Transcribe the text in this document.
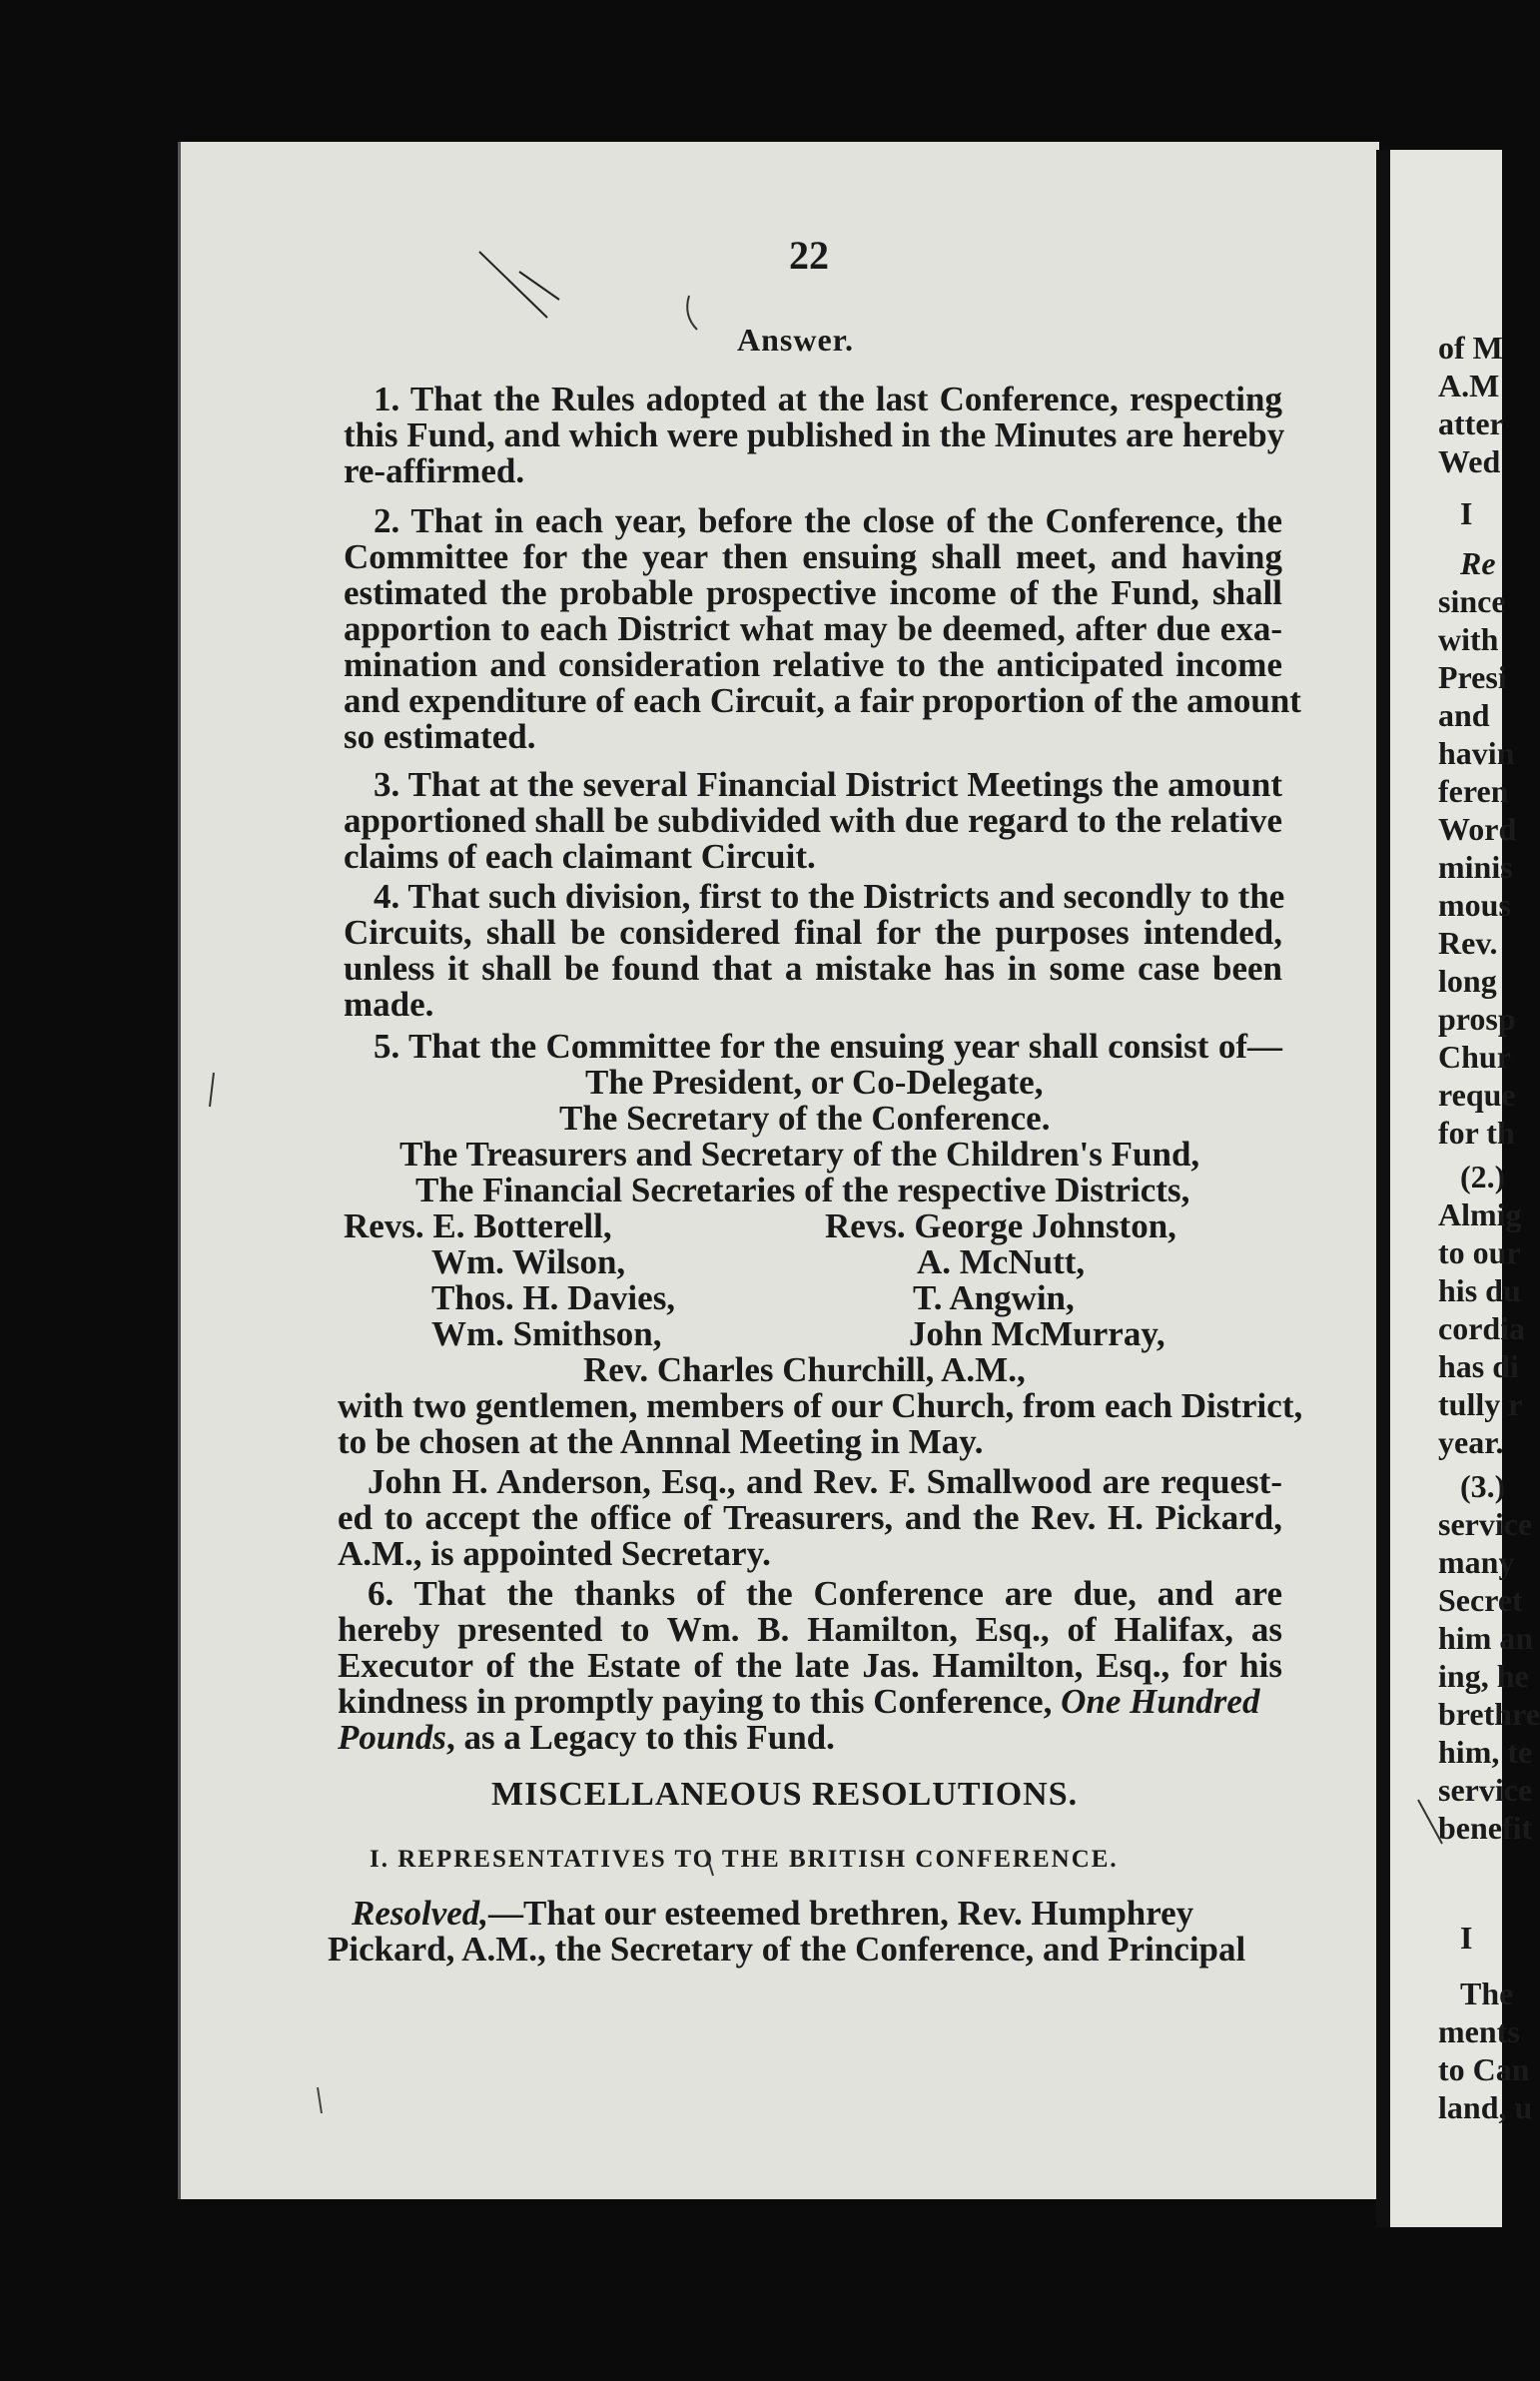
of M

A.M

atter

Wed

I

Re

since

with

Presi

and

havin

feren

Word

minis

mous

Rev.

long

prosp

Chur

reque

for th

(2.)

Almig

to our

his du

cordia

has di

tully r

year.

(3.)

service

many

Secret

him an

ing, he

brethre

him, te

service

benefit

I

The

ments

to Can

land, u

22

Answer.

1. That the Rules adopted at the last Conference, respecting

this Fund, and which were published in the Minutes are hereby

re-affirmed.

2. That in each year, before the close of the Conference, the

Committee for the year then ensuing shall meet, and having

estimated the probable prospective income of the Fund, shall

apportion to each District what may be deemed, after due exa-

mination and consideration relative to the anticipated income

and expenditure of each Circuit, a fair proportion of the amount

so estimated.

3. That at the several Financial District Meetings the amount

apportioned shall be subdivided with due regard to the relative

claims of each claimant Circuit.

4. That such division, first to the Districts and secondly to the

Circuits, shall be considered final for the purposes intended,

unless it shall be found that a mistake has in some case been

made.

5. That the Committee for the ensuing year shall consist of—

The President, or Co-Delegate,

The Secretary of the Conference.

The Treasurers and Secretary of the Children's Fund,

The Financial Secretaries of the respective Districts,

Revs. E. Botterell,	Revs. George Johnston,

Wm. Wilson,	A. McNutt,

Thos. H. Davies,	T. Angwin,

Wm. Smithson,	John McMurray,

Rev. Charles Churchill, A.M.,

with two gentlemen, members of our Church, from each District,

to be chosen at the Annnal Meeting in May.

John H. Anderson, Esq., and Rev. F. Smallwood are request-

ed to accept the office of Treasurers, and the Rev. H. Pickard,

A.M., is appointed Secretary.

6. That the thanks of the Conference are due, and are

hereby presented to Wm. B. Hamilton, Esq., of Halifax, as

Executor of the Estate of the late Jas. Hamilton, Esq., for his

kindness in promptly paying to this Conference, One Hundred

Pounds, as a Legacy to this Fund.

MISCELLANEOUS RESOLUTIONS.

I. REPRESENTATIVES TO THE BRITISH CONFERENCE.

Resolved,—That our esteemed brethren, Rev. Humphrey

Pickard, A.M., the Secretary of the Conference, and Principal
